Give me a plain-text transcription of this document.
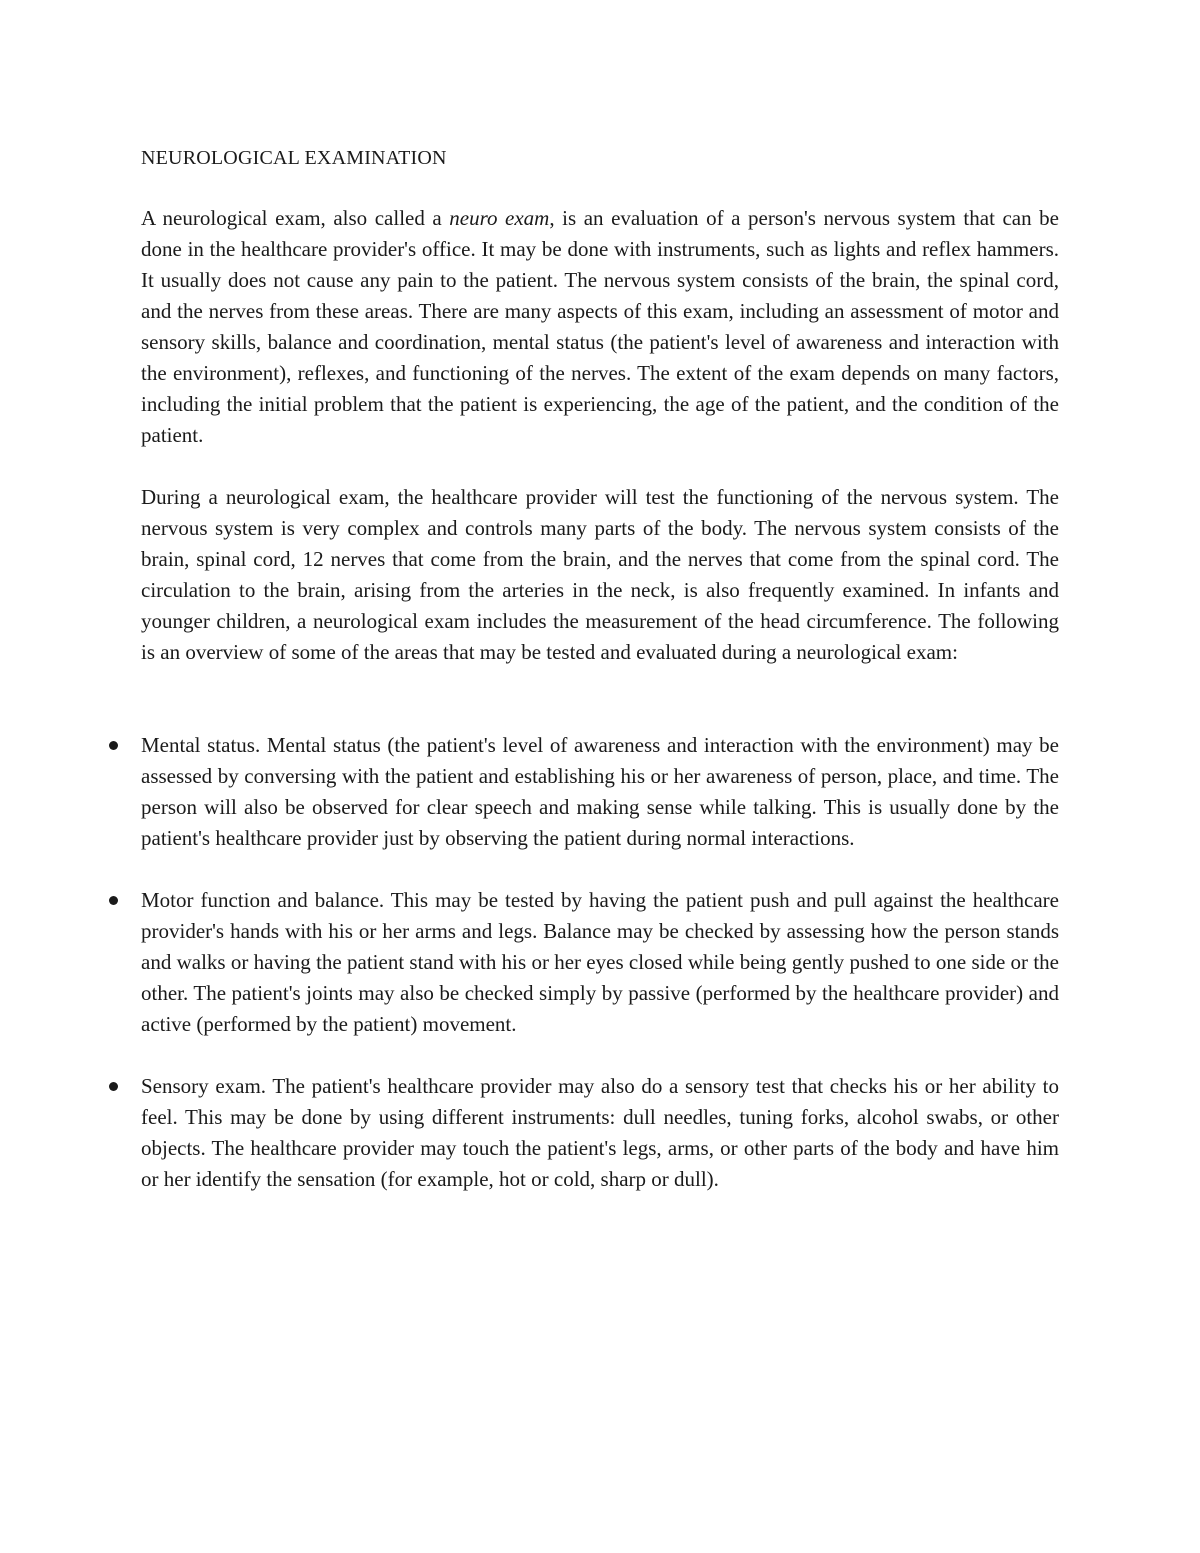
NEUROLOGICAL EXAMINATION

A neurological exam, also called a neuro exam, is an evaluation of a person's nervous system that can be done in the healthcare provider's office. It may be done with instruments, such as lights and reflex hammers. It usually does not cause any pain to the patient. The nervous system consists of the brain, the spinal cord, and the nerves from these areas. There are many aspects of this exam, including an assessment of motor and sensory skills, balance and coordination, mental status (the patient's level of awareness and interaction with the environment), reflexes, and functioning of the nerves. The extent of the exam depends on many factors, including the initial problem that the patient is experiencing, the age of the patient, and the condition of the patient.

During a neurological exam, the healthcare provider will test the functioning of the nervous system. The nervous system is very complex and controls many parts of the body. The nervous system consists of the brain, spinal cord, 12 nerves that come from the brain, and the nerves that come from the spinal cord. The circulation to the brain, arising from the arteries in the neck, is also frequently examined. In infants and younger children, a neurological exam includes the measurement of the head circumference. The following is an overview of some of the areas that may be tested and evaluated during a neurological exam:

Mental status. Mental status (the patient's level of awareness and interaction with the environment) may be assessed by conversing with the patient and establishing his or her awareness of person, place, and time. The person will also be observed for clear speech and making sense while talking. This is usually done by the patient's healthcare provider just by observing the patient during normal interactions.
Motor function and balance. This may be tested by having the patient push and pull against the healthcare provider's hands with his or her arms and legs. Balance may be checked by assessing how the person stands and walks or having the patient stand with his or her eyes closed while being gently pushed to one side or the other. The patient's joints may also be checked simply by passive (performed by the healthcare provider) and active (performed by the patient) movement.
Sensory exam. The patient's healthcare provider may also do a sensory test that checks his or her ability to feel. This may be done by using different instruments: dull needles, tuning forks, alcohol swabs, or other objects. The healthcare provider may touch the patient's legs, arms, or other parts of the body and have him or her identify the sensation (for example, hot or cold, sharp or dull).
